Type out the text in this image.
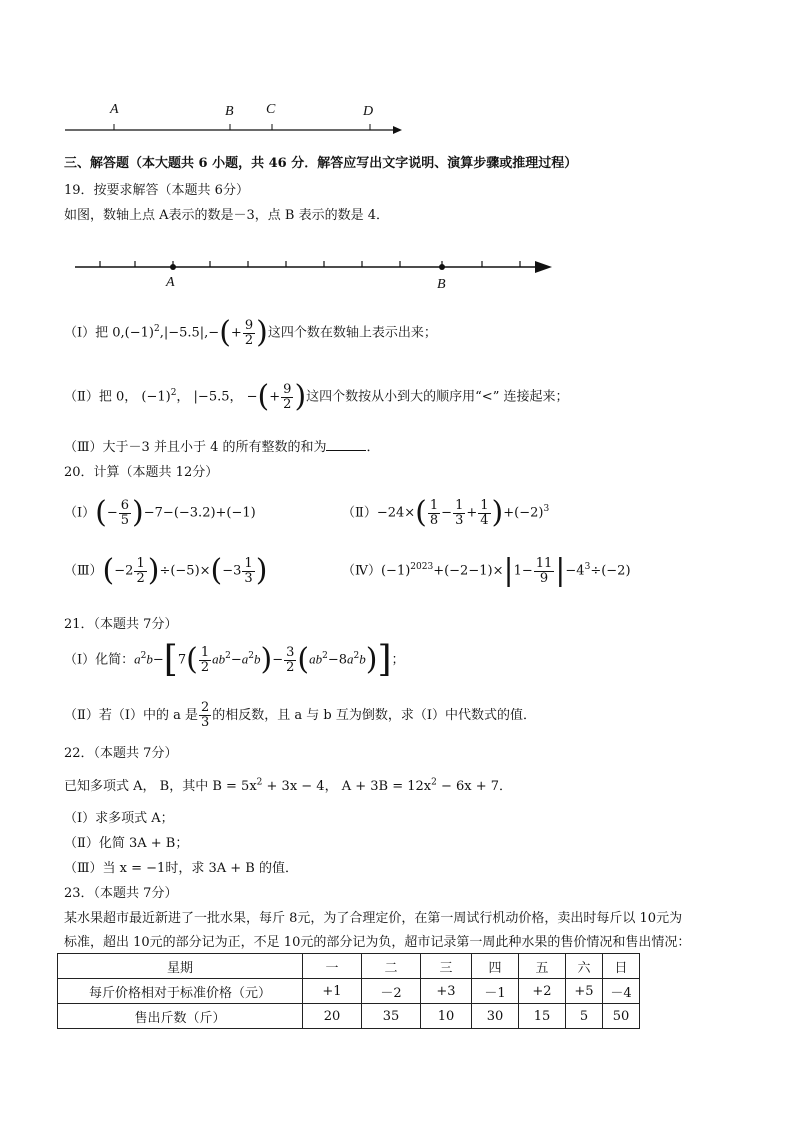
A	B C	D
三、解答题（本大题共 6 小题，共 46 分．解答应写出文字说明、演算步骤或推理过程）
19．按要求解答（本题共 6分）
如图，数轴上点 A表示的数是－3，点 B 表示的数是 4．
A	B
（Ⅰ）把 $0,(-1)^2,|-5.5|,-(+ \frac{9}{2}$ )这四个数在数轴上表示出来；
（Ⅱ）把 0， $(-1)^2$， |−5.5， −(+ $\frac{9}{2}$ )这四个数按从小到大的顺序用“<” 连接起来；
（Ⅲ）大于－3 并且小于 4 的所有整数的和为	．
20．计算（本题共 12分）
（Ⅰ）(− $\frac{6}{5} )-7-(-3.2)+(-1)$	（Ⅱ）−24×( $\frac{1}{8} - \frac{1}{3} + \frac{1}{4} )+(-2)^3$
（Ⅲ）(−2 $\frac{1}{2} )\div(-5)\times(-3 \frac{1}{3}$ )	$(Ⅳ)(-1)^{2023}+(-2-1)\times|1- \frac{11}{9} |-4^3\div(-2)$
21．（本题共 7分）
（Ⅰ）化简：$a^2b-[7( \frac{1}{2} ab^2-a^2b)- \frac{3}{2} (ab^2-8a^2b)]$；
（Ⅱ）若（Ⅰ）中的 a 是 $\frac{2}{3}$ 的相反数，且 a 与 b 互为倒数，求（Ⅰ）中代数式的值．
22．（本题共 7分）
已知多项式 A， B，其中 $B = 5x^2 + 3x - 4$， $A + 3B = 12x^2 - 6x + 7$．
（Ⅰ）求多项式 A；
（Ⅱ）化简 3A + B；
（Ⅲ）当 x = −1时，求 3A + B 的值．
23．（本题共 7分）
某水果超市最近新进了一批水果，每斤 8元，为了合理定价，在第一周试行机动价格，卖出时每斤以 10元为
标准，超出 10元的部分记为正，不足 10元的部分记为负，超市记录第一周此种水果的售价情况和售出情况：
星期	一	二	三	四	五	六	日
每斤价格相对于标准价格（元）	+1	－2	+3	－1	+2	+5	－4
售出斤数（斤）	20	35	10	30	15	5	50
